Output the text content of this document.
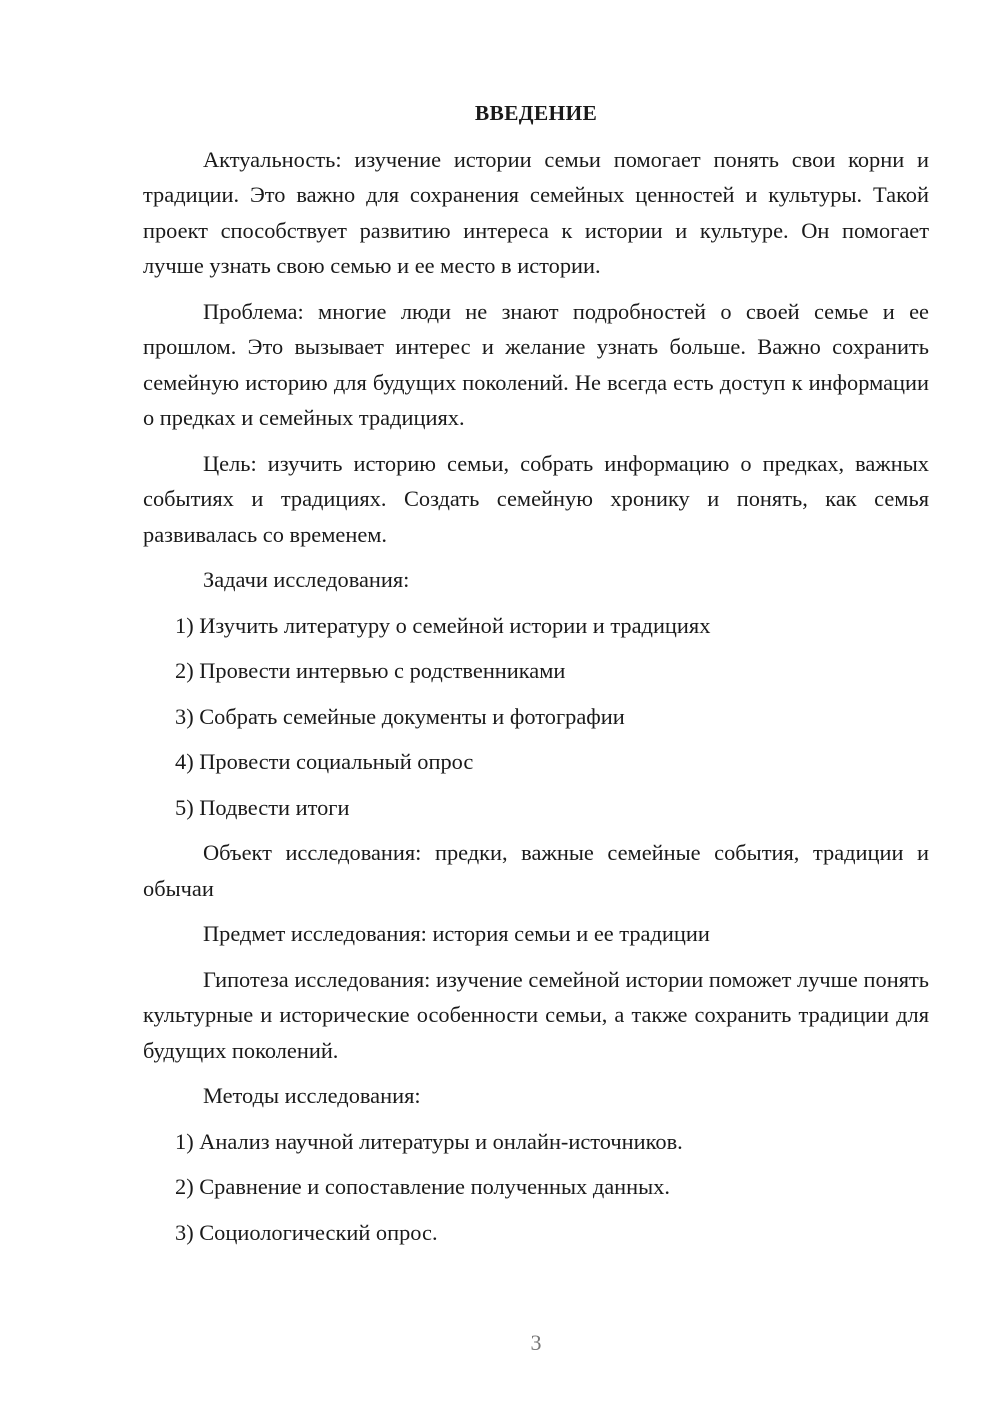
ВВЕДЕНИЕ

Актуальность: изучение истории семьи помогает понять свои корни и традиции. Это важно для сохранения семейных ценностей и культуры. Такой проект способствует развитию интереса к истории и культуре. Он помогает лучше узнать свою семью и ее место в истории.

Проблема: многие люди не знают подробностей о своей семье и ее прошлом. Это вызывает интерес и желание узнать больше. Важно сохранить семейную историю для будущих поколений. Не всегда есть доступ к информации о предках и семейных традициях.

Цель: изучить историю семьи, собрать информацию о предках, важных событиях и традициях. Создать семейную хронику и понять, как семья развивалась со временем.

Задачи исследования:

1) Изучить литературу о семейной истории и традициях

2) Провести интервью с родственниками

3) Собрать семейные документы и фотографии

4) Провести социальный опрос

5) Подвести итоги

Объект исследования: предки, важные семейные события, традиции и обычаи

Предмет исследования: история семьи и ее традиции

Гипотеза исследования: изучение семейной истории поможет лучше понять культурные и исторические особенности семьи, а также сохранить традиции для будущих поколений.

Методы исследования:

1) Анализ научной литературы и онлайн-источников.

2) Сравнение и сопоставление полученных данных.

3) Социологический опрос.

3
